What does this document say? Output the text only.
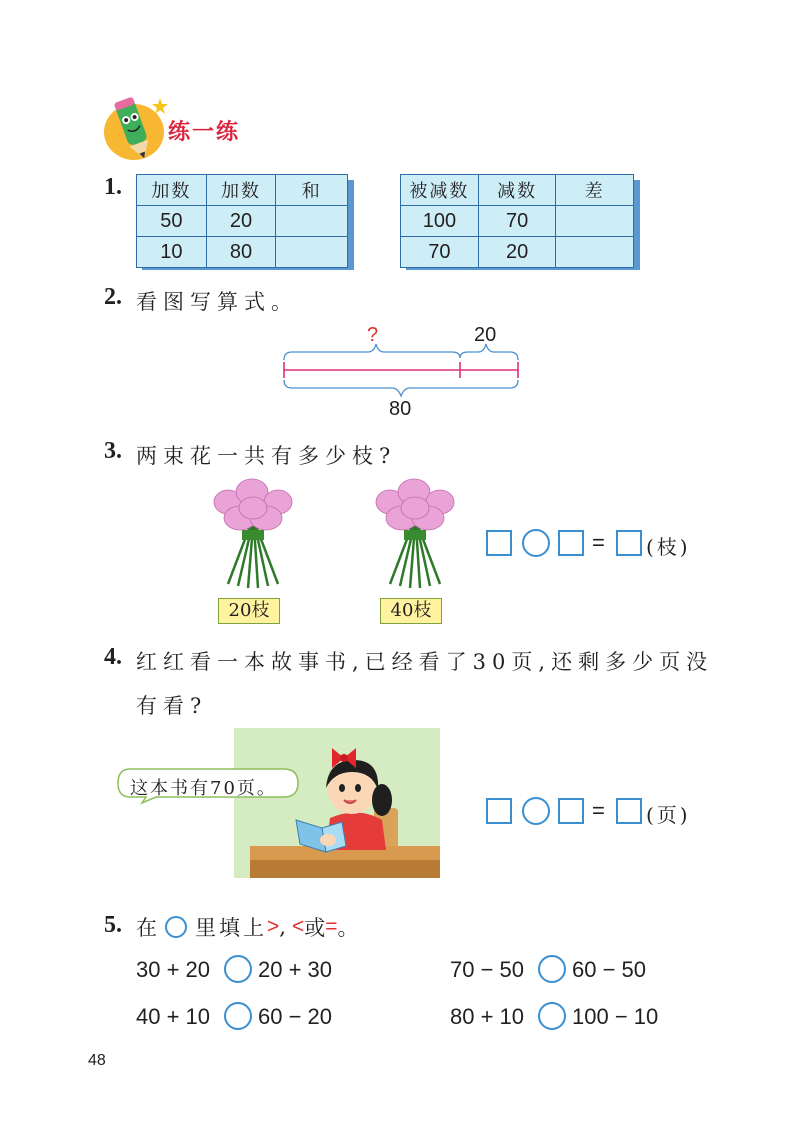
练一练
1. 加数	加数	和
50	20	
10	80	
被减数	减数	差
100	70	
70	20	
2. 看图写算式。
?	20
80
3. 两束花一共有多少枝?
20枝	40枝
= (枝)
4. 红红看一本故事书,已经看了30页,还剩多少页没
有看?
这本书有70页。
= (页)
5. 在 里填上 > , < 或 = 。
30 + 20 20 + 30	70 − 50 60 − 50
40 + 10 60 − 20	80 + 10 100 − 10
48
